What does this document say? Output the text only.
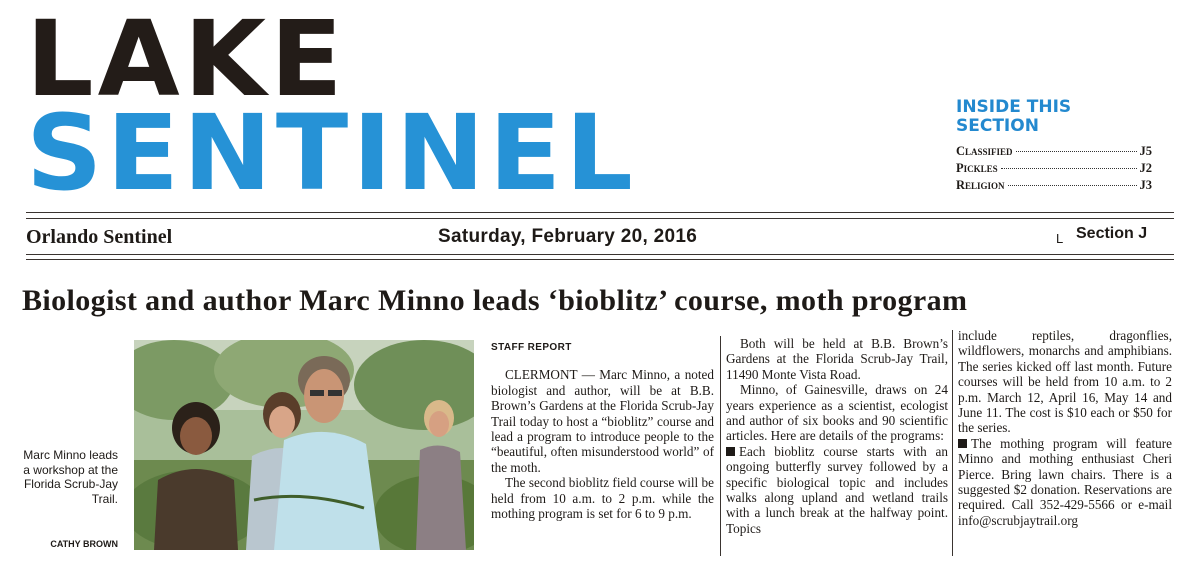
LAKE
SENTINEL	INSIDE THIS SECTION
Classified	J5
Pickles	J2
Religion	J3
Orlando Sentinel	Saturday, February 20, 2016	L Section J
Biologist and author Marc Minno leads ‘bioblitz’ course, moth program
Marc Minno leads a workshop at the Florida Scrub-Jay Trail.
CATHY BROWN
STAFF REPORT

CLERMONT — Marc Minno, a noted biologist and author, will be at B.B. Brown’s Gardens at the Florida Scrub-Jay Trail today to host a “bioblitz” course and lead a program to introduce people to the “beautiful, often misunderstood world” of the moth.

The second bioblitz field course will be held from 10 a.m. to 2 p.m. while the mothing program is set for 6 to 9 p.m.

Both will be held at B.B. Brown’s Gardens at the Florida Scrub-Jay Trail, 11490 Monte Vista Road.

Minno, of Gainesville, draws on 24 years experience as a scientist, ecologist and author of six books and 90 scientific articles. Here are details of the programs:

Each bioblitz course starts with an ongoing butterfly survey followed by a specific biological topic and includes walks along upland and wetland trails with a lunch break at the halfway point. Topics

include reptiles, dragonflies, wildflowers, monarchs and amphibians. The series kicked off last month. Future courses will be held from 10 a.m. to 2 p.m. March 12, April 16, May 14 and June 11. The cost is $10 each or $50 for the series.

The mothing program will feature Minno and mothing enthusiast Cheri Pierce. Bring lawn chairs. There is a suggested $2 donation. Reservations are required. Call 352-429-5566 or e-mail info@scrubjaytrail.org
